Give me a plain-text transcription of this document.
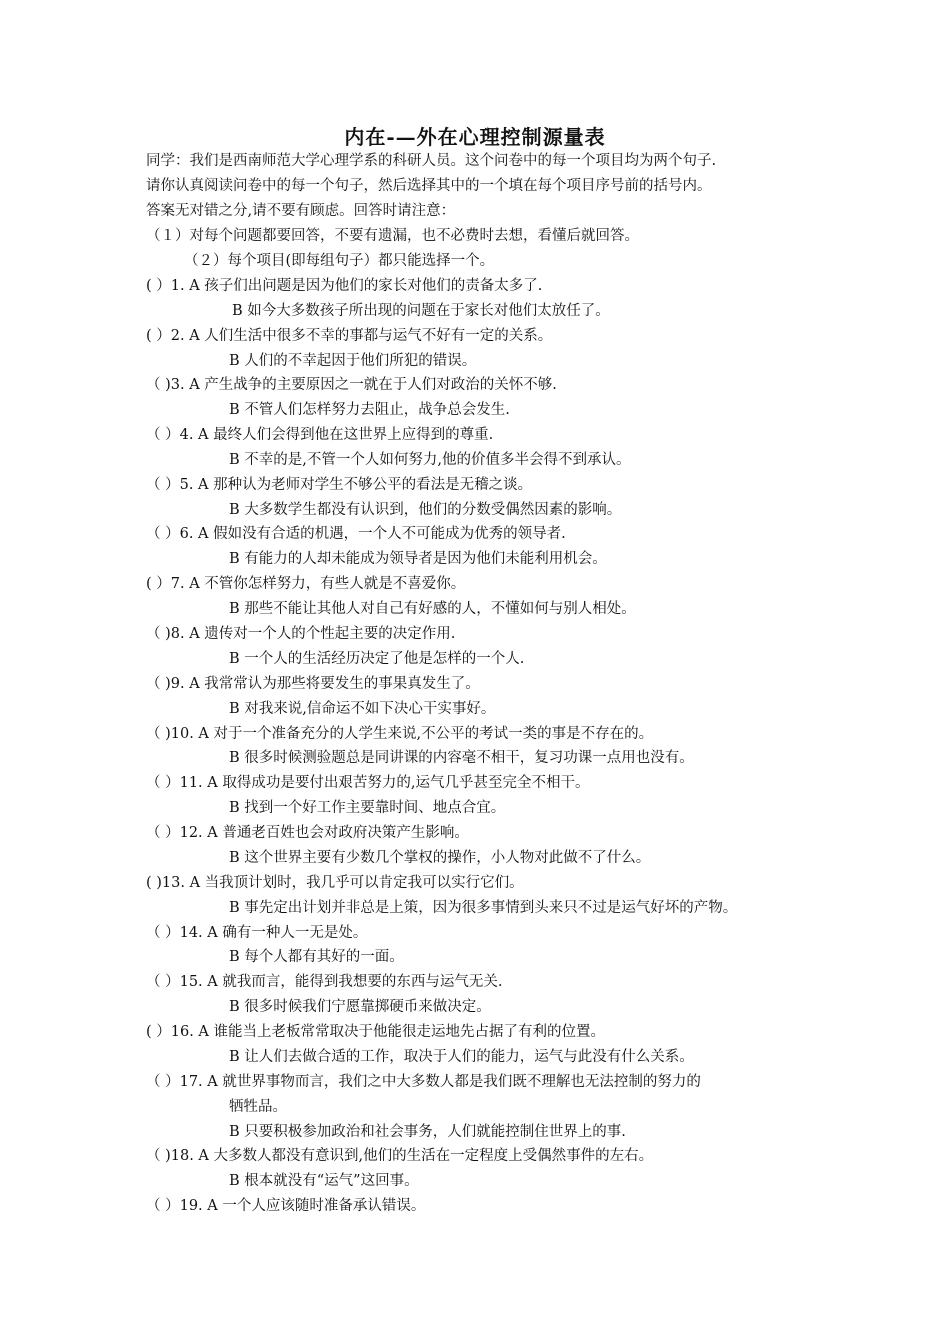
内在-—外在心理控制源量表
同学：我们是西南师范大学心理学系的科研人员。这个问卷中的每一个项目均为两个句子.
请你认真阅读问卷中的每一个句子，然后选择其中的一个填在每个项目序号前的括号内。
答案无对错之分,请不要有顾虑。回答时请注意：
（１）对每个问题都要回答，不要有遗漏，也不必费时去想，看懂后就回答。
（２）每个项目(即每组句子）都只能选择一个。
( ）1. A 孩子们出问题是因为他们的家长对他们的责备太多了.
B 如今大多数孩子所出现的问题在于家长对他们太放任了。
( ）2. A 人们生活中很多不幸的事都与运气不好有一定的关系。
B 人们的不幸起因于他们所犯的错误。
（ )3. A 产生战争的主要原因之一就在于人们对政治的关怀不够.
B 不管人们怎样努力去阻止，战争总会发生.
（ ）4. A 最终人们会得到他在这世界上应得到的尊重.
B 不幸的是,不管一个人如何努力,他的价值多半会得不到承认。
（ ）5. A 那种认为老师对学生不够公平的看法是无稽之谈。
B 大多数学生都没有认识到，他们的分数受偶然因素的影响。
（ ）6. A 假如没有合适的机遇，一个人不可能成为优秀的领导者.
B 有能力的人却未能成为领导者是因为他们未能利用机会。
( ）7. A 不管你怎样努力，有些人就是不喜爱你。
B 那些不能让其他人对自己有好感的人，不懂如何与别人相处。
（ )8. A 遗传对一个人的个性起主要的决定作用.
B 一个人的生活经历决定了他是怎样的一个人.
（ )9. A 我常常认为那些将要发生的事果真发生了。
B 对我来说,信命运不如下决心干实事好。
（ )10. A 对于一个准备充分的人学生来说,不公平的考试一类的事是不存在的。
B 很多时候测验题总是同讲课的内容毫不相干，复习功课一点用也没有。
（ ）11. A 取得成功是要付出艰苦努力的,运气几乎甚至完全不相干。
B 找到一个好工作主要靠时间、地点合宜。
（ ）12. A 普通老百姓也会对政府决策产生影响。
B 这个世界主要有少数几个掌权的操作，小人物对此做不了什么。
( )13. A 当我顶计划时，我几乎可以肯定我可以实行它们。
B 事先定出计划并非总是上策，因为很多事情到头来只不过是运气好坏的产物。
（ ）14. A 确有一种人一无是处。
B 每个人都有其好的一面。
（ ）15. A 就我而言，能得到我想要的东西与运气无关.
B 很多时候我们宁愿靠掷硬币来做决定。
( ）16. A 谁能当上老板常常取决于他能很走运地先占据了有利的位置。
B 让人们去做合适的工作，取决于人们的能力，运气与此没有什么关系。
（ ）17. A 就世界事物而言，我们之中大多数人都是我们既不理解也无法控制的努力的
牺牲品。
B 只要积极参加政治和社会事务，人们就能控制住世界上的事.
（ )18. A 大多数人都没有意识到,他们的生活在一定程度上受偶然事件的左右。
B 根本就没有“运气”这回事。
（ ）19. A 一个人应该随时准备承认错误。
